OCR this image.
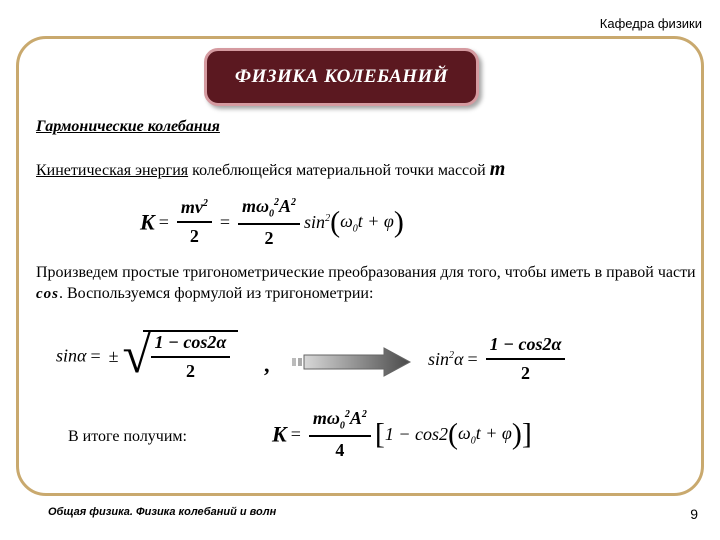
Кафедра физики
ФИЗИКА КОЛЕБАНИЙ
Гармонические колебания
Кинетическая энергия колеблющейся материальной точки массой m
$K = \frac{mv^2}{2} = \frac{m\omega_0^2A^2}{2} \sin^2(\omega_0t + \varphi)$
Произведем простые тригонометрические преобразования для того, чтобы иметь в правой части cos. Воспользуемся формулой из тригонометрии:
sinα = ± √ $\frac{1 - \cos 2\alpha}{2}$ ,	$\sin^2\alpha = \frac{1 - \cos 2\alpha}{2}$
В итоге получим:	$K = \frac{m\omega_0^2A^2}{4} [1 - \cos 2(\omega_0t + \varphi)]$
Общая физика. Физика колебаний и волн	9
